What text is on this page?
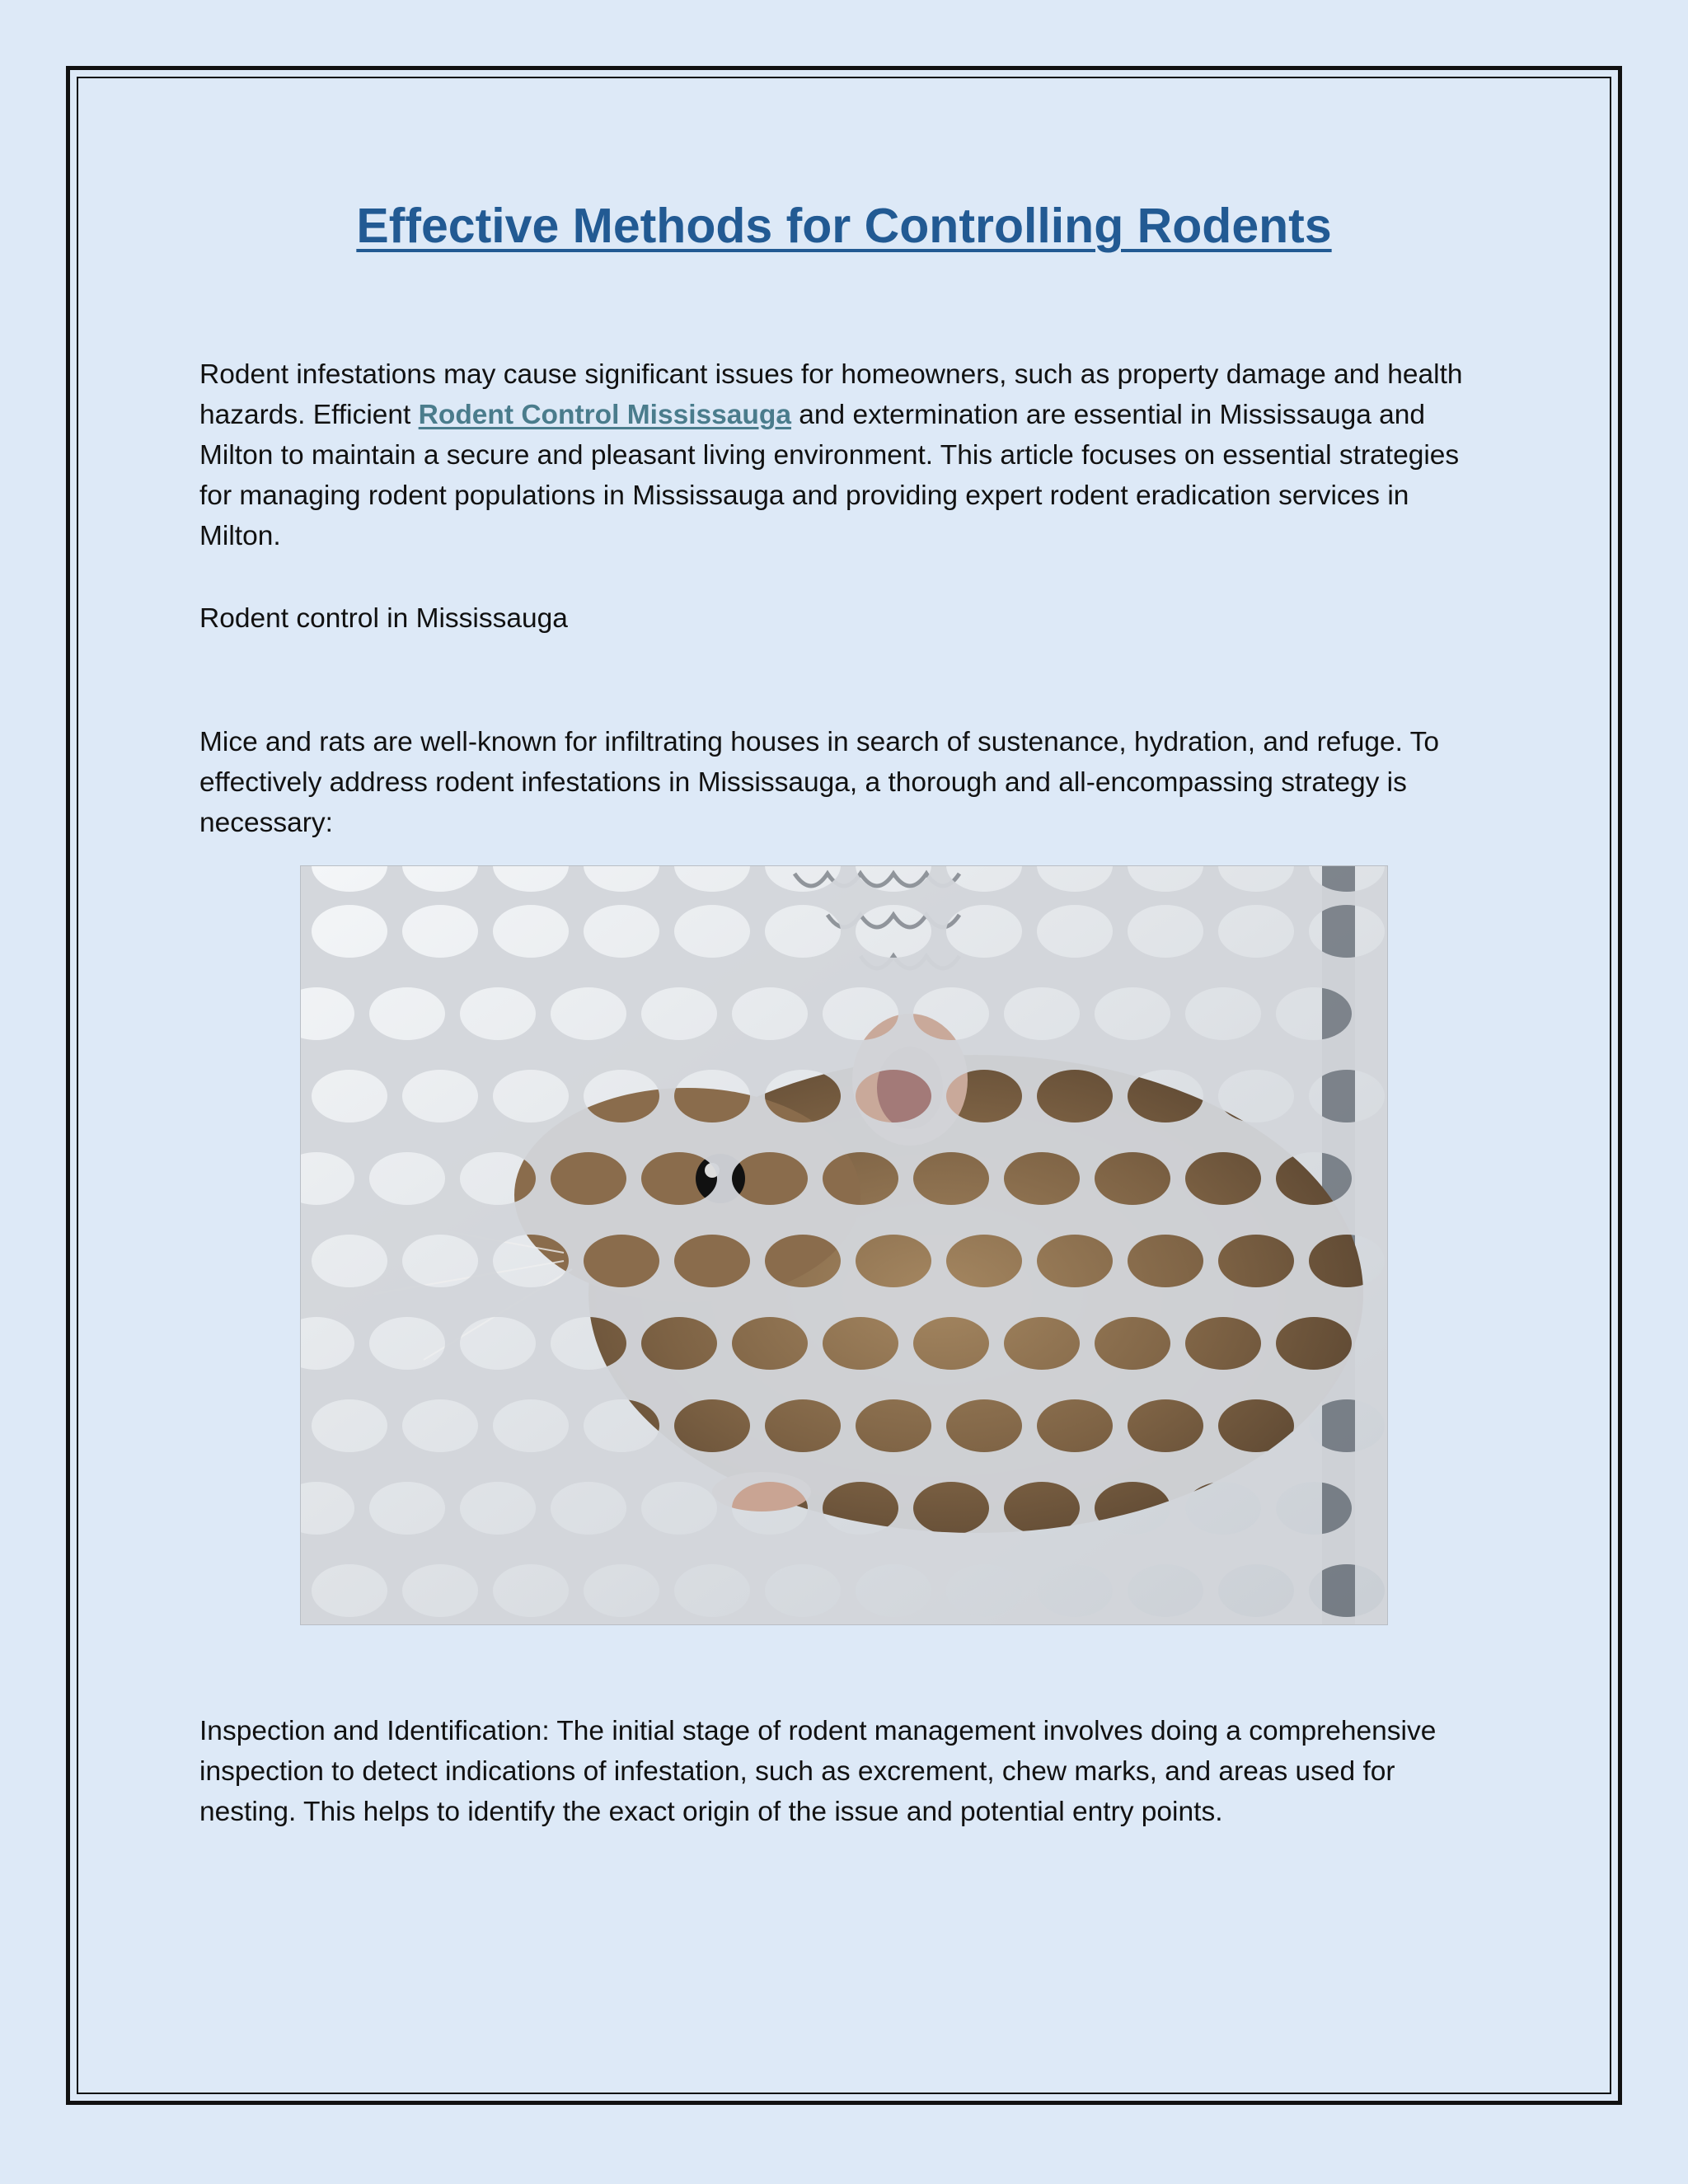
Effective Methods for Controlling Rodents

Rodent infestations may cause significant issues for homeowners, such as property damage and health hazards. Efficient Rodent Control Mississauga and extermination are essential in Mississauga and Milton to maintain a secure and pleasant living environment. This article focuses on essential strategies for managing rodent populations in Mississauga and providing expert rodent eradication services in Milton.

Rodent control in Mississauga

Mice and rats are well-known for infiltrating houses in search of sustenance, hydration, and refuge. To effectively address rodent infestations in Mississauga, a thorough and all-encompassing strategy is necessary:

Inspection and Identification: The initial stage of rodent management involves doing a comprehensive inspection to detect indications of infestation, such as excrement, chew marks, and areas used for nesting. This helps to identify the exact origin of the issue and potential entry points.
